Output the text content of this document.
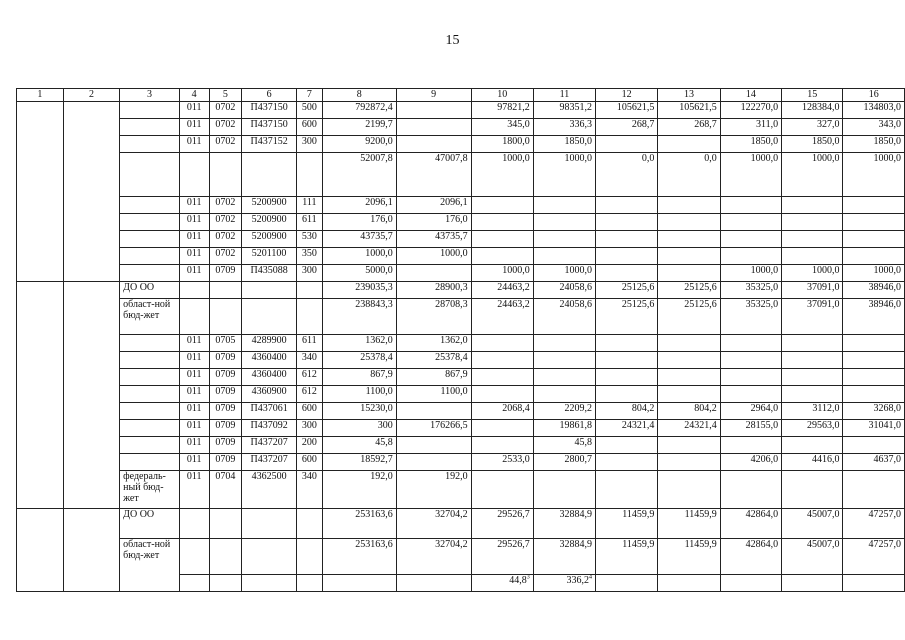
15
1	2	3	4	5	6	7	8	9	10	11	12	13	14	15	16
			011	0702	П437150	500	792872,4		97821,2	98351,2	105621,5	105621,5	122270,0	128384,0	134803,0
			011	0702	П437150	600	2199,7		345,0	336,3	268,7	268,7	311,0	327,0	343,0
			011	0702	П437152	300	9200,0		1800,0	1850,0			1850,0	1850,0	1850,0
							52007,8	47007,8	1000,0	1000,0	0,0	0,0	1000,0	1000,0	1000,0
			011	0702	5200900	111	2096,1	2096,1							
			011	0702	5200900	611	176,0	176,0							
			011	0702	5200900	530	43735,7	43735,7							
			011	0702	5201100	350	1000,0	1000,0							
			011	0709	П435088	300	5000,0		1000,0	1000,0			1000,0	1000,0	1000,0
		ДО ОО					239035,3	28900,3	24463,2	24058,6	25125,6	25125,6	35325,0	37091,0	38946,0
		област-ной бюд-жет					238843,3	28708,3	24463,2	24058,6	25125,6	25125,6	35325,0	37091,0	38946,0
			011	0705	4289900	611	1362,0	1362,0							
			011	0709	4360400	340	25378,4	25378,4							
			011	0709	4360400	612	867,9	867,9							
			011	0709	4360900	612	1100,0	1100,0							
			011	0709	П437061	600	15230,0		2068,4	2209,2	804,2	804,2	2964,0	3112,0	3268,0
			011	0709	П437092	300	300	176266,5		19861,8	24321,4	24321,4	28155,0	29563,0	31041,0
			011	0709	П437207	200	45,8			45,8					
			011	0709	П437207	600	18592,7		2533,0	2800,7			4206,0	4416,0	4637,0
		федераль-ный бюд-жет	011	0704	4362500	340	192,0	192,0							
		ДО ОО					253163,6	32704,2	29526,7	32884,9	11459,9	11459,9	42864,0	45007,0	47257,0
		област-ной бюд-жет					253163,6	32704,2	29526,7	32884,9	11459,9	11459,9	42864,0	45007,0	47257,0
									44,8$^3$	336,2$^4$					
